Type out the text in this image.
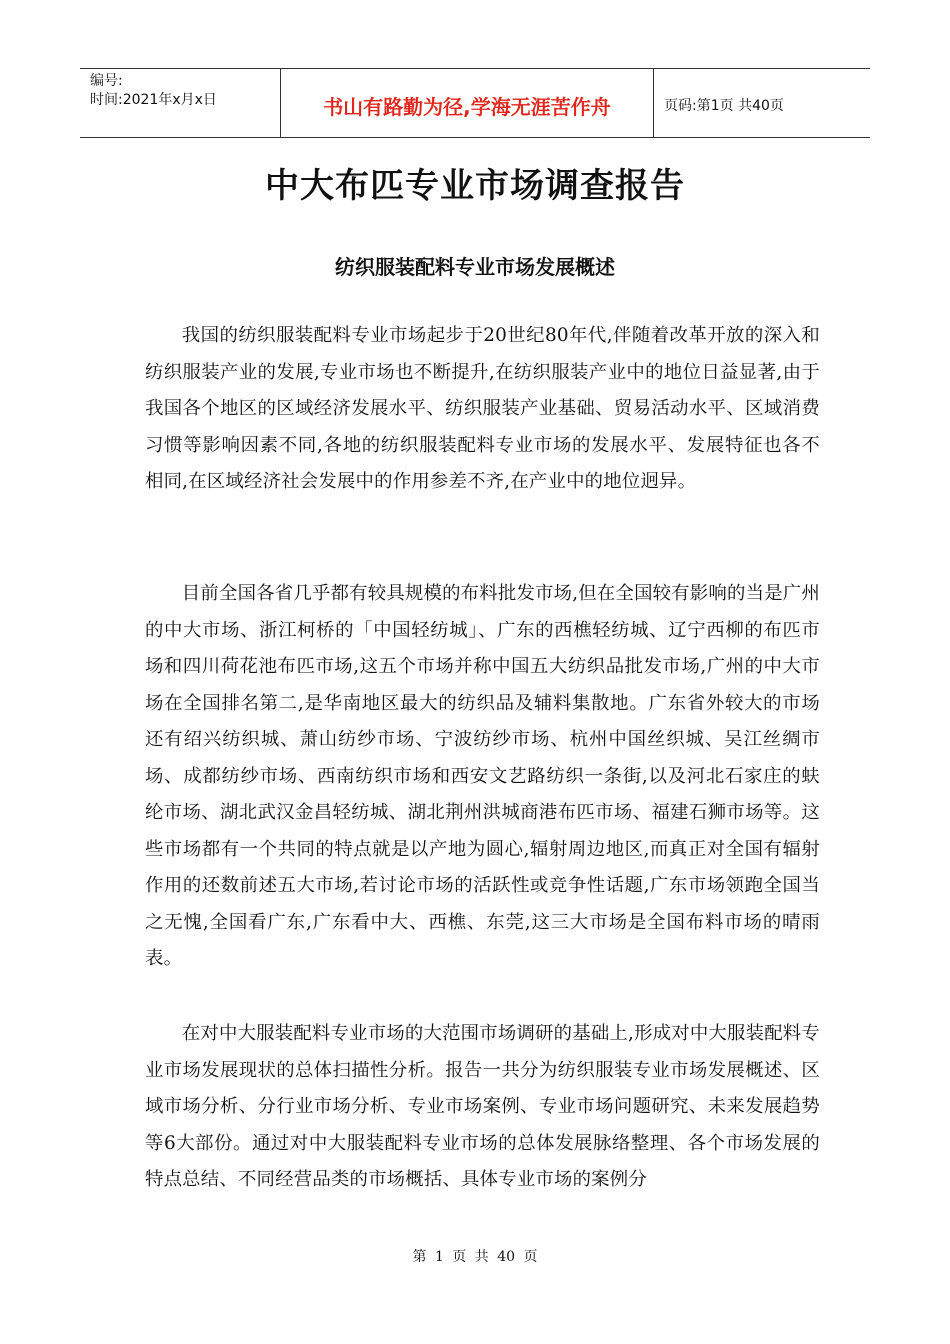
编号:
时间:2021年x月x日	书山有路勤为径,学海无涯苦作舟	页码:第1页 共40页
中大布匹专业市场调查报告
纺织服装配料专业市场发展概述

我国的纺织服装配料专业市场起步于20世纪80年代,伴随着改革开放的深入和纺织服装产业的发展,专业市场也不断提升,在纺织服装产业中的地位日益显著,由于我国各个地区的区域经济发展水平、纺织服装产业基础、贸易活动水平、区域消费习惯等影响因素不同,各地的纺织服装配料专业市场的发展水平、发展特征也各不相同,在区域经济社会发展中的作用参差不齐,在产业中的地位迥异。

目前全国各省几乎都有较具规模的布料批发市场,但在全国较有影响的当是广州的中大市场、浙江柯桥的「中国轻纺城」、广东的西樵轻纺城、辽宁西柳的布匹市场和四川荷花池布匹市场,这五个市场并称中国五大纺织品批发市场,广州的中大市场在全国排名第二,是华南地区最大的纺织品及辅料集散地。广东省外较大的市场还有绍兴纺织城、萧山纺纱市场、宁波纺纱市场、杭州中国丝织城、吴江丝绸市场、成都纺纱市场、西南纺织市场和西安文艺路纺织一条街,以及河北石家庄的蚨纶市场、湖北武汉金昌轻纺城、湖北荆州洪城商港布匹市场、福建石狮市场等。这些市场都有一个共同的特点就是以产地为圆心,辐射周边地区,而真正对全国有辐射作用的还数前述五大市场,若讨论市场的活跃性或竞争性话题,广东市场领跑全国当之无愧,全国看广东,广东看中大、西樵、东莞,这三大市场是全国布料市场的晴雨表。

在对中大服装配料专业市场的大范围市场调研的基础上,形成对中大服装配料专业市场发展现状的总体扫描性分析。报告一共分为纺织服装专业市场发展概述、区域市场分析、分行业市场分析、专业市场案例、专业市场问题研究、未来发展趋势等6大部份。通过对中大服装配料专业市场的总体发展脉络整理、各个市场发展的特点总结、不同经营品类的市场概括、具体专业市场的案例分

第 1 页 共 40 页
